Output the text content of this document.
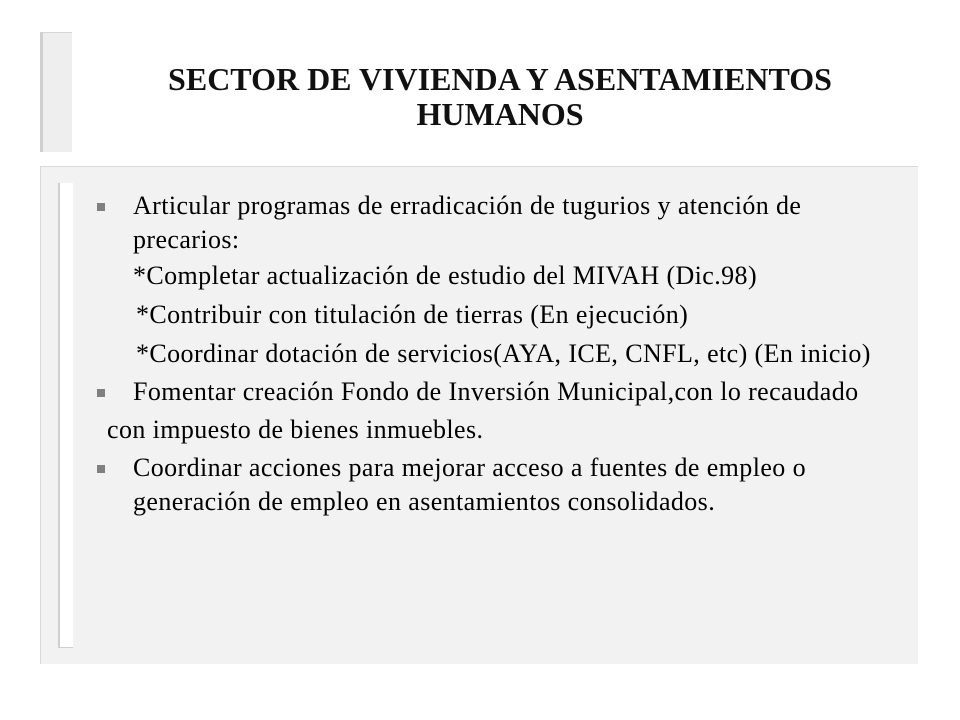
SECTOR DE VIVIENDA Y ASENTAMIENTOS
HUMANOS
Articular programas de erradicación de tugurios y atención de
precarios:
*Completar actualización de estudio del MIVAH (Dic.98)
*Contribuir con titulación de tierras (En ejecución)
*Coordinar dotación de servicios(AYA, ICE, CNFL, etc) (En inicio)
Fomentar creación Fondo de Inversión Municipal,con lo recaudado
con impuesto de bienes inmuebles.
Coordinar acciones para mejorar acceso a fuentes de empleo o
generación de empleo en asentamientos consolidados.
